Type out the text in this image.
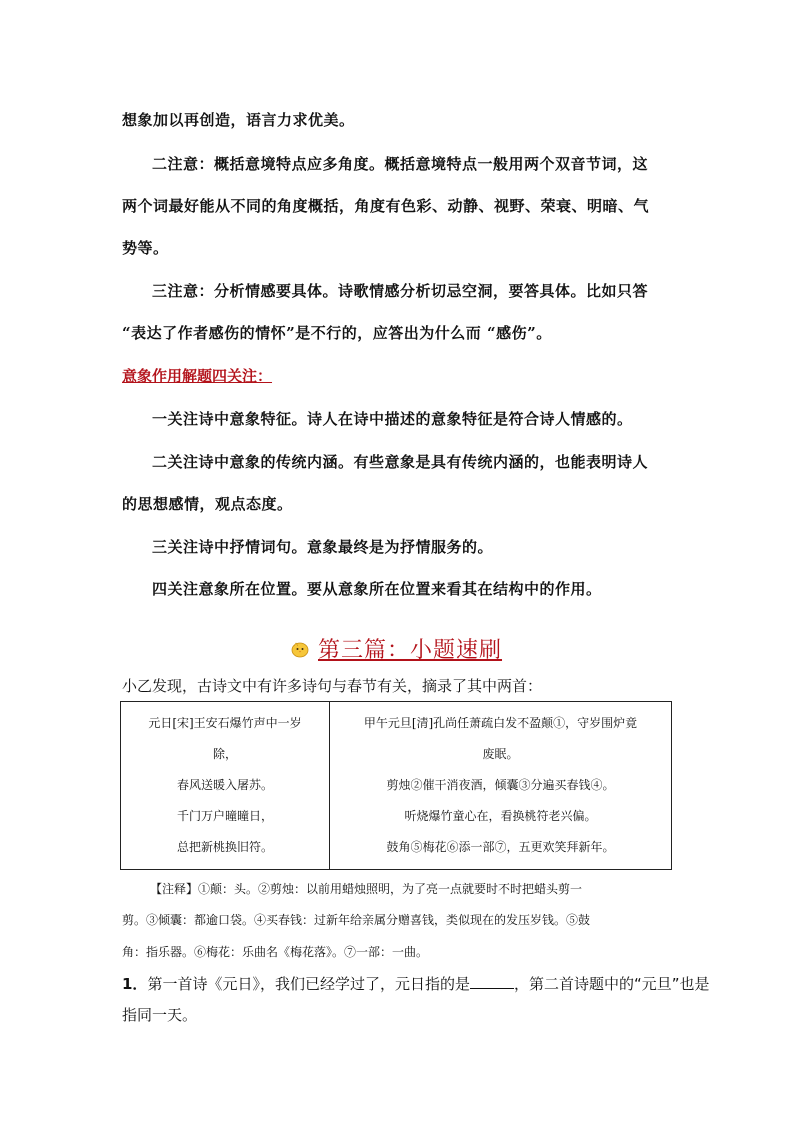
想象加以再创造，语言力求优美。
二注意：概括意境特点应多角度。概括意境特点一般用两个双音节词，这
两个词最好能从不同的角度概括，角度有色彩、动静、视野、荣衰、明暗、气
势等。
三注意：分析情感要具体。诗歌情感分析切忌空洞，要答具体。比如只答
“表达了作者感伤的情怀”是不行的，应答出为什么而 “感伤”。
意象作用解题四关注：
一关注诗中意象特征。诗人在诗中描述的意象特征是符合诗人情感的。
二关注诗中意象的传统内涵。有些意象是具有传统内涵的，也能表明诗人
的思想感情，观点态度。
三关注诗中抒情词句。意象最终是为抒情服务的。
四关注意象所在位置。要从意象所在位置来看其在结构中的作用。
第三篇：小题速刷
小乙发现，古诗文中有许多诗句与春节有关，摘录了其中两首：
元日[宋]王安石爆竹声中一岁
除，
春风送暖入屠苏。
千门万户曈曈日，
总把新桃换旧符。

甲午元旦[清]孔尚任萧疏白发不盈颠①，守岁围炉竟
废眠。
剪烛②催干消夜酒，倾囊③分遍买春钱④。
听烧爆竹童心在，看换桃符老兴偏。
鼓角⑤梅花⑥添一部⑦，五更欢笑拜新年。
【注释】①颠：头。②剪烛：以前用蜡烛照明，为了亮一点就要时不时把蜡头剪一
剪。③倾囊：都逾口袋。④买春钱：过新年给亲属分赠喜钱，类似现在的发压岁钱。⑤鼓
角：指乐器。⑥梅花：乐曲名《梅花落》。⑦一部：一曲。
1．第一首诗《元日》，我们已经学过了，元日指的是	，第二首诗题中的“元旦”也是
指同一天。
